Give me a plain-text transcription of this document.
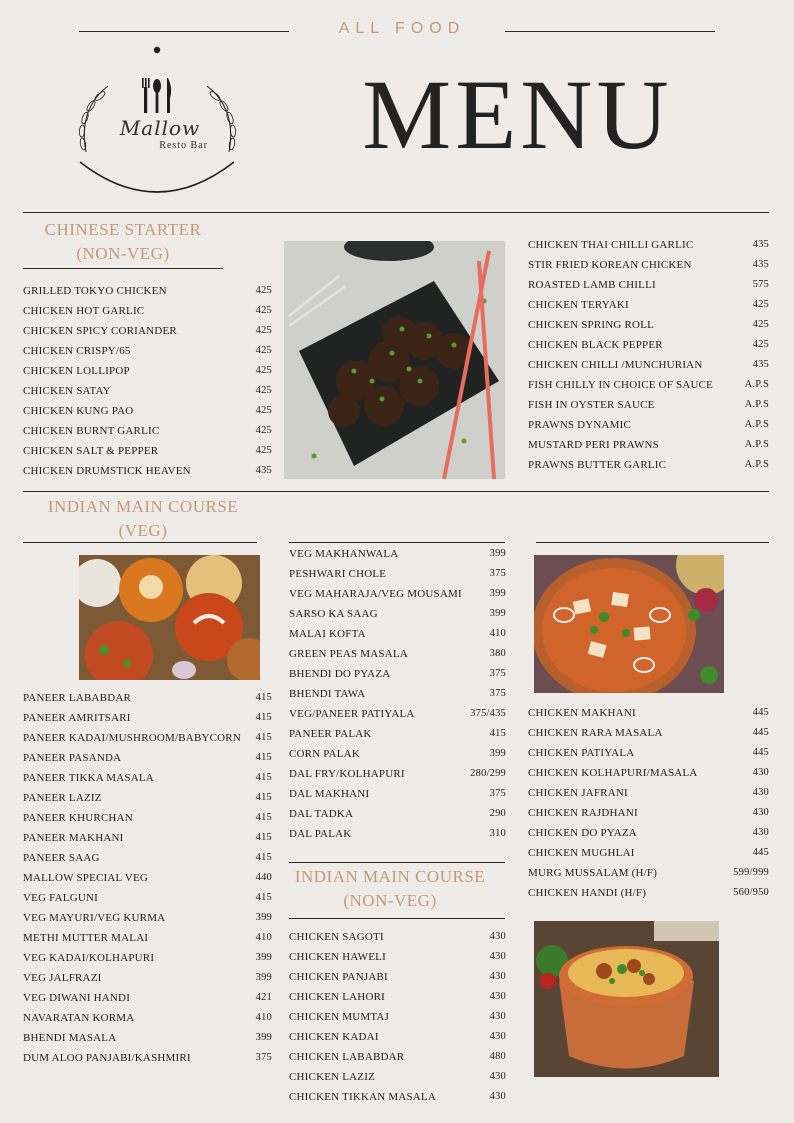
ALL FOOD
MENU
Mallow
Resto Bar
CHINESE STARTER
(NON-VEG)
GRILLED TOKYO CHICKEN	425
CHICKEN HOT GARLIC	425
CHICKEN SPICY CORIANDER	425
CHICKEN CRISPY/65	425
CHICKEN LOLLIPOP	425
CHICKEN SATAY	425
CHICKEN KUNG PAO	425
CHICKEN BURNT GARLIC	425
CHICKEN SALT & PEPPER	425
CHICKEN DRUMSTICK HEAVEN	435
CHICKEN THAI CHILLI GARLIC	435
STIR FRIED KOREAN CHICKEN	435
ROASTED LAMB CHILLI	575
CHICKEN TERYAKI	425
CHICKEN SPRING ROLL	425
CHICKEN BLACK PEPPER	425
CHICKEN CHILLI /MUNCHURIAN	435
FISH CHILLY IN CHOICE OF SAUCE	A.P.S
FISH IN OYSTER SAUCE	A.P.S
PRAWNS DYNAMIC	A.P.S
MUSTARD PERI PRAWNS	A.P.S
PRAWNS BUTTER GARLIC	A.P.S
INDIAN MAIN COURSE
(VEG)
PANEER LABABDAR	415
PANEER AMRITSARI	415
PANEER KADAI/MUSHROOM/BABYCORN 415
PANEER PASANDA	415
PANEER TIKKA MASALA	415
PANEER LAZIZ	415
PANEER KHURCHAN	415
PANEER MAKHANI	415
PANEER SAAG	415
MALLOW SPECIAL VEG	440
VEG FALGUNI	415
VEG MAYURI/VEG KURMA	399
METHI MUTTER MALAI	410
VEG KADAI/KOLHAPURI	399
VEG JALFRAZI	399
VEG DIWANI HANDI	421
NAVARATAN KORMA	410
BHENDI MASALA	399
DUM ALOO PANJABI/KASHMIRI	375
VEG MAKHANWALA	399
PESHWARI CHOLE	375
VEG MAHARAJA/VEG MOUSAMI	399
SARSO KA SAAG	399
MALAI KOFTA	410
GREEN PEAS MASALA	380
BHENDI DO PYAZA	375
BHENDI TAWA	375
VEG/PANEER PATIYALA	375/435
PANEER PALAK	415
CORN PALAK	399
DAL FRY/KOLHAPURI	280/299
DAL MAKHANI	375
DAL TADKA	290
DAL PALAK	310
INDIAN MAIN COURSE
(NON-VEG)
CHICKEN SAGOTI	430
CHICKEN HAWELI	430
CHICKEN PANJABI	430
CHICKEN LAHORI	430
CHICKEN MUMTAJ	430
CHICKEN KADAI	430
CHICKEN LABABDAR	480
CHICKEN LAZIZ	430
CHICKEN TIKKAN MASALA	430
CHICKEN MAKHANI	445
CHICKEN RARA MASALA	445
CHICKEN PATIYALA	445
CHICKEN KOLHAPURI/MASALA	430
CHICKEN JAFRANI	430
CHICKEN RAJDHANI	430
CHICKEN DO PYAZA	430
CHICKEN MUGHLAI	445
MURG MUSSALAM (H/F)	599/999
CHICKEN HANDI (H/F)	560/950
